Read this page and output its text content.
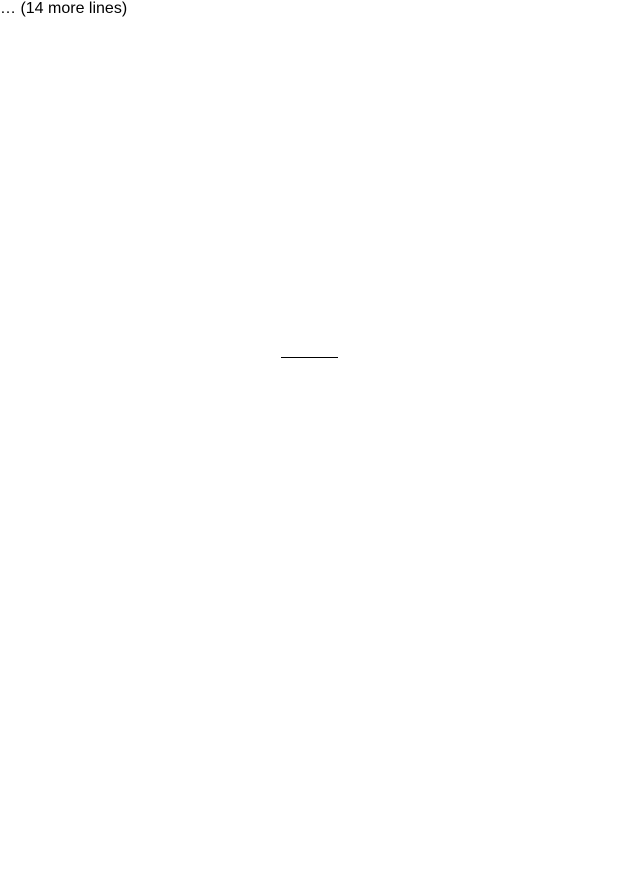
… (14 more lines)
